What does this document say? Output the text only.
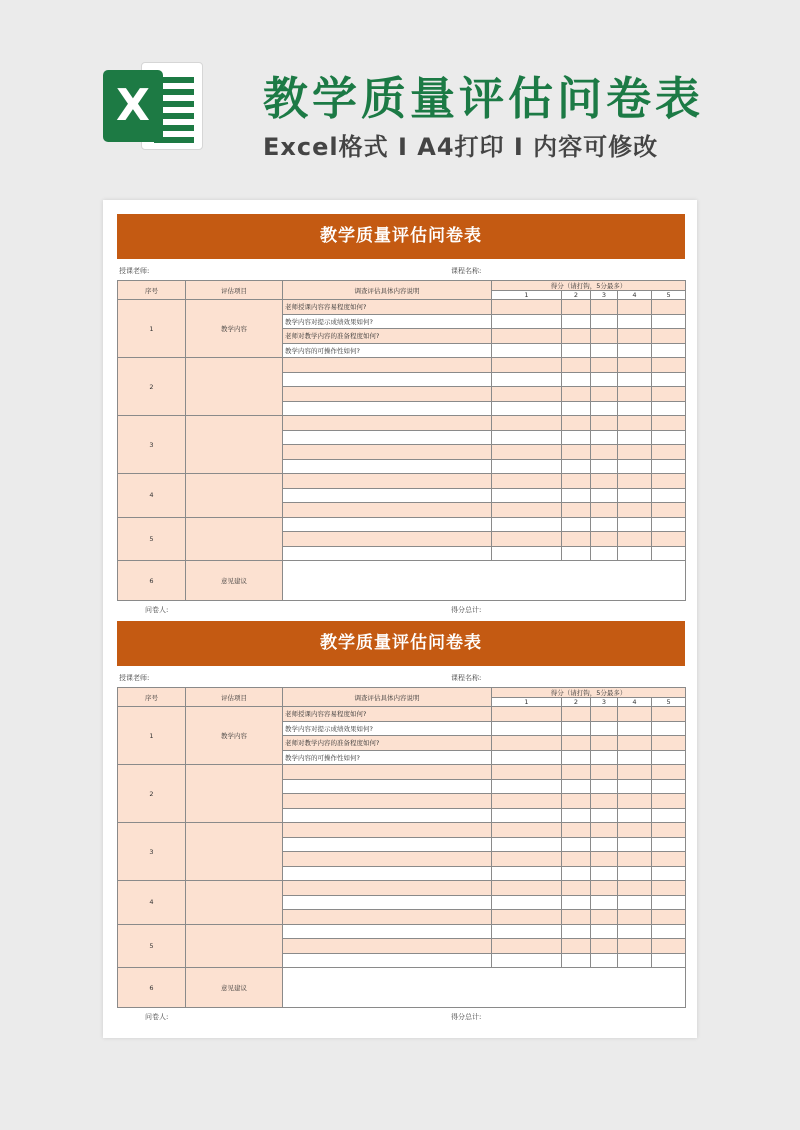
X	教学质量评估问卷表
Excel格式 I A4打印 I 内容可修改
教学质量评估问卷表
授课老师:	课程名称:
序号	评估项目	调查评估具体内容说明	得分（请打钩，5分最多）				
			1	2	3	4	5
1	教学内容	老师授课内容容易程度如何?					
		教学内容对提示成绩效果如何?					
		老师对教学内容的准备程度如何?					
		教学内容的可操作性如何?					
2							

3							

4							

5							

6	意见建议						
问卷人:	得分总计:
教学质量评估问卷表
授课老师:	课程名称:
序号	评估项目	调查评估具体内容说明	得分（请打钩，5分最多）				
			1	2	3	4	5
1	教学内容	老师授课内容容易程度如何?					
		教学内容对提示成绩效果如何?					
		老师对教学内容的准备程度如何?					
		教学内容的可操作性如何?					
2							

3							

4							

5							

6	意见建议						
问卷人:	得分总计:
